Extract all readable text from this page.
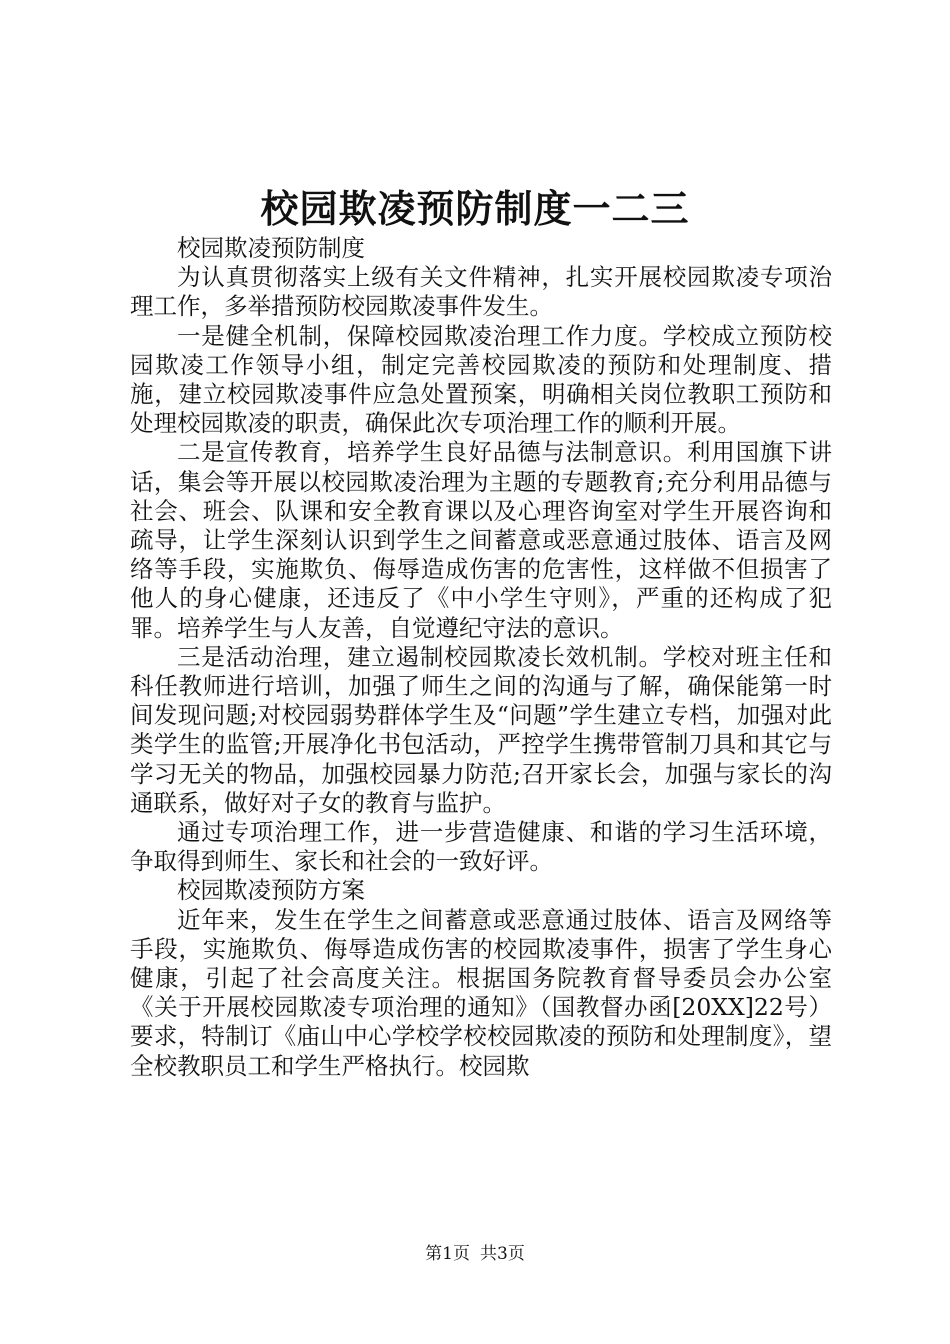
校园欺凌预防制度一二三

校园欺凌预防制度

为认真贯彻落实上级有关文件精神，扎实开展校园欺凌专项治理工作，多举措预防校园欺凌事件发生。

一是健全机制，保障校园欺凌治理工作力度。学校成立预防校园欺凌工作领导小组，制定完善校园欺凌的预防和处理制度、措施，建立校园欺凌事件应急处置预案，明确相关岗位教职工预防和处理校园欺凌的职责，确保此次专项治理工作的顺利开展。

二是宣传教育，培养学生良好品德与法制意识。利用国旗下讲话，集会等开展以校园欺凌治理为主题的专题教育;充分利用品德与社会、班会、队课和安全教育课以及心理咨询室对学生开展咨询和疏导，让学生深刻认识到学生之间蓄意或恶意通过肢体、语言及网络等手段，实施欺负、侮辱造成伤害的危害性，这样做不但损害了他人的身心健康，还违反了《中小学生守则》，严重的还构成了犯罪。培养学生与人友善，自觉遵纪守法的意识。

三是活动治理，建立遏制校园欺凌长效机制。学校对班主任和科任教师进行培训，加强了师生之间的沟通与了解，确保能第一时间发现问题;对校园弱势群体学生及“问题”学生建立专档，加强对此类学生的监管;开展净化书包活动，严控学生携带管制刀具和其它与学习无关的物品，加强校园暴力防范;召开家长会，加强与家长的沟通联系，做好对子女的教育与监护。

通过专项治理工作，进一步营造健康、和谐的学习生活环境，争取得到师生、家长和社会的一致好评。

校园欺凌预防方案

近年来，发生在学生之间蓄意或恶意通过肢体、语言及网络等手段，实施欺负、侮辱造成伤害的校园欺凌事件，损害了学生身心健康，引起了社会高度关注。根据国务院教育督导委员会办公室《关于开展校园欺凌专项治理的通知》（国教督办函[20XX]22号）要求，特制订《庙山中心学校学校校园欺凌的预防和处理制度》，望全校教职员工和学生严格执行。校园欺

第1页 共3页
